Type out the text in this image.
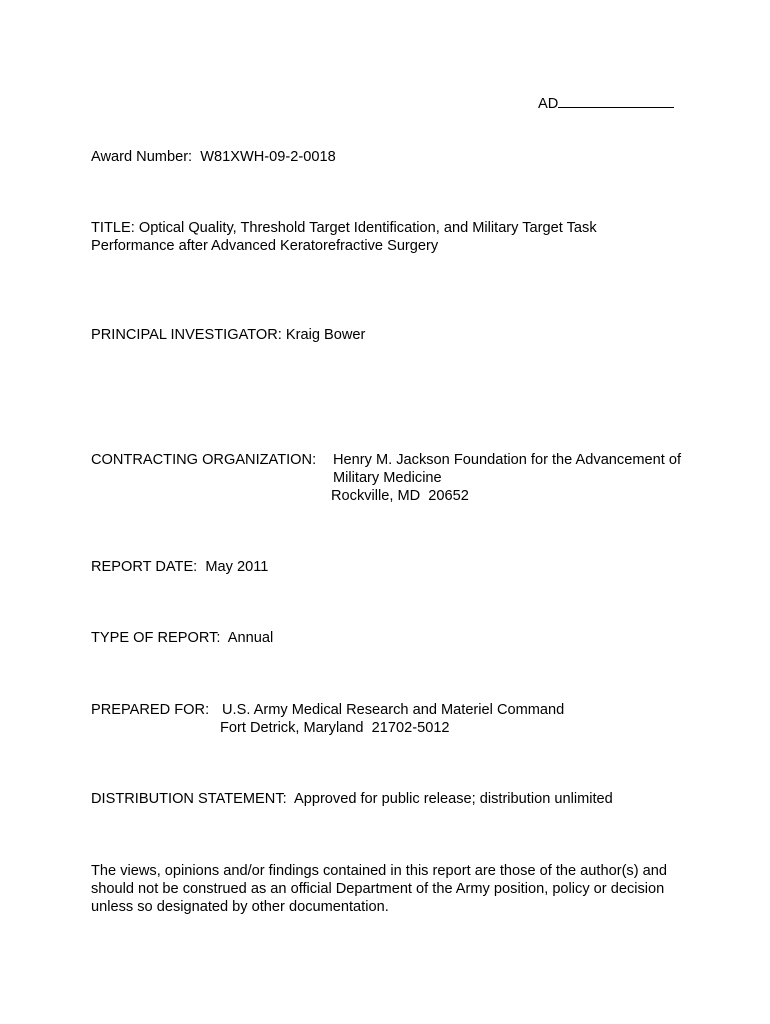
AD
Award Number: W81XWH-09-2-0018
TITLE: Optical Quality, Threshold Target Identification, and Military Target Task
Performance after Advanced Keratorefractive Surgery
PRINCIPAL INVESTIGATOR: Kraig Bower
CONTRACTING ORGANIZATION: Henry M. Jackson Foundation for the Advancement of
Military Medicine
Rockville, MD  20652
REPORT DATE:  May 2011
TYPE OF REPORT:  Annual
PREPARED FOR: U.S. Army Medical Research and Materiel Command
Fort Detrick, Maryland  21702-5012
DISTRIBUTION STATEMENT:  Approved for public release; distribution unlimited
The views, opinions and/or findings contained in this report are those of the author(s) and
should not be construed as an official Department of the Army position, policy or decision
unless so designated by other documentation.
